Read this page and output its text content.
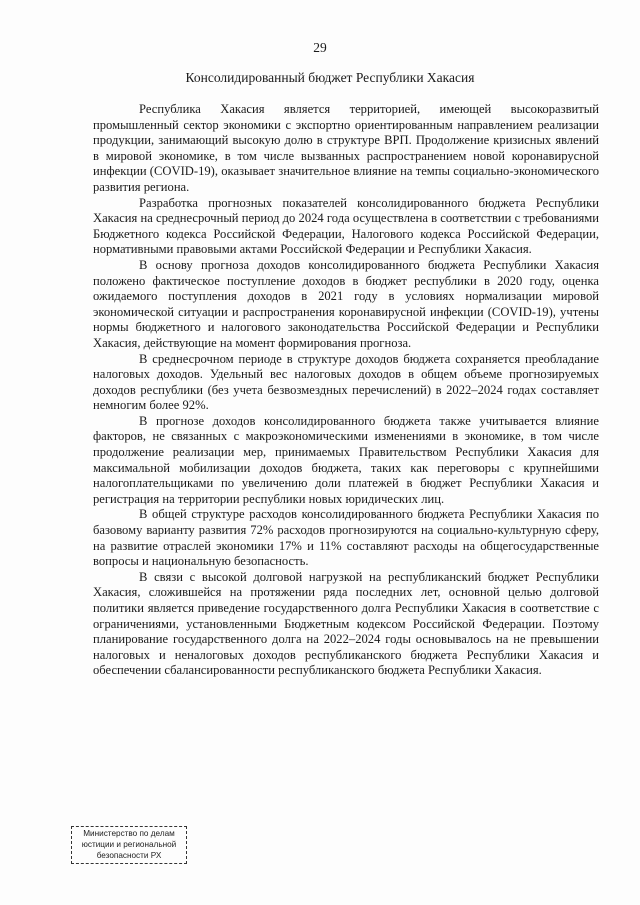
29
Консолидированный бюджет Республики Хакасия

Республика Хакасия является территорией, имеющей высокоразвитый промышленный сектор экономики с экспортно ориентированным направлением реализации продукции, занимающий высокую долю в структуре ВРП. Продолжение кризисных явлений в мировой экономике, в том числе вызванных распространением новой коронавирусной инфекции (COVID-19), оказывает значительное влияние на темпы социально-экономического развития региона.

Разработка прогнозных показателей консолидированного бюджета Республики Хакасия на среднесрочный период до 2024 года осуществлена в соответствии с требованиями Бюджетного кодекса Российской Федерации, Налогового кодекса Российской Федерации, нормативными правовыми актами Российской Федерации и Республики Хакасия.

В основу прогноза доходов консолидированного бюджета Республики Хакасия положено фактическое поступление доходов в бюджет республики в 2020 году, оценка ожидаемого поступления доходов в 2021 году в условиях нормализации мировой экономической ситуации и распространения коронавирусной инфекции (COVID-19), учтены нормы бюджетного и налогового законодательства Российской Федерации и Республики Хакасия, действующие на момент формирования прогноза.

В среднесрочном периоде в структуре доходов бюджета сохраняется преобладание налоговых доходов. Удельный вес налоговых доходов в общем объеме прогнозируемых доходов республики (без учета безвозмездных перечислений) в 2022–2024 годах составляет немногим более 92%.

В прогнозе доходов консолидированного бюджета также учитывается влияние факторов, не связанных с макроэкономическими изменениями в экономике, в том числе продолжение реализации мер, принимаемых Правительством Республики Хакасия для максимальной мобилизации доходов бюджета, таких как переговоры с крупнейшими налогоплательщиками по увеличению доли платежей в бюджет Республики Хакасия и регистрация на территории республики новых юридических лиц.

В общей структуре расходов консолидированного бюджета Республики Хакасия по базовому варианту развития 72% расходов прогнозируются на социально-культурную сферу, на развитие отраслей экономики 17% и 11% составляют расходы на общегосударственные вопросы и национальную безопасность.

В связи с высокой долговой нагрузкой на республиканский бюджет Республики Хакасия, сложившейся на протяжении ряда последних лет, основной целью долговой политики является приведение государственного долга Республики Хакасия в соответствие с ограничениями, установленными Бюджетным кодексом Российской Федерации. Поэтому планирование государственного долга на 2022–2024 годы основывалось на не превышении налоговых и неналоговых доходов республиканского бюджета Республики Хакасия и обеспечении сбалансированности республиканского бюджета Республики Хакасия.

Министерство по делам
юстиции и региональной
безопасности РХ
